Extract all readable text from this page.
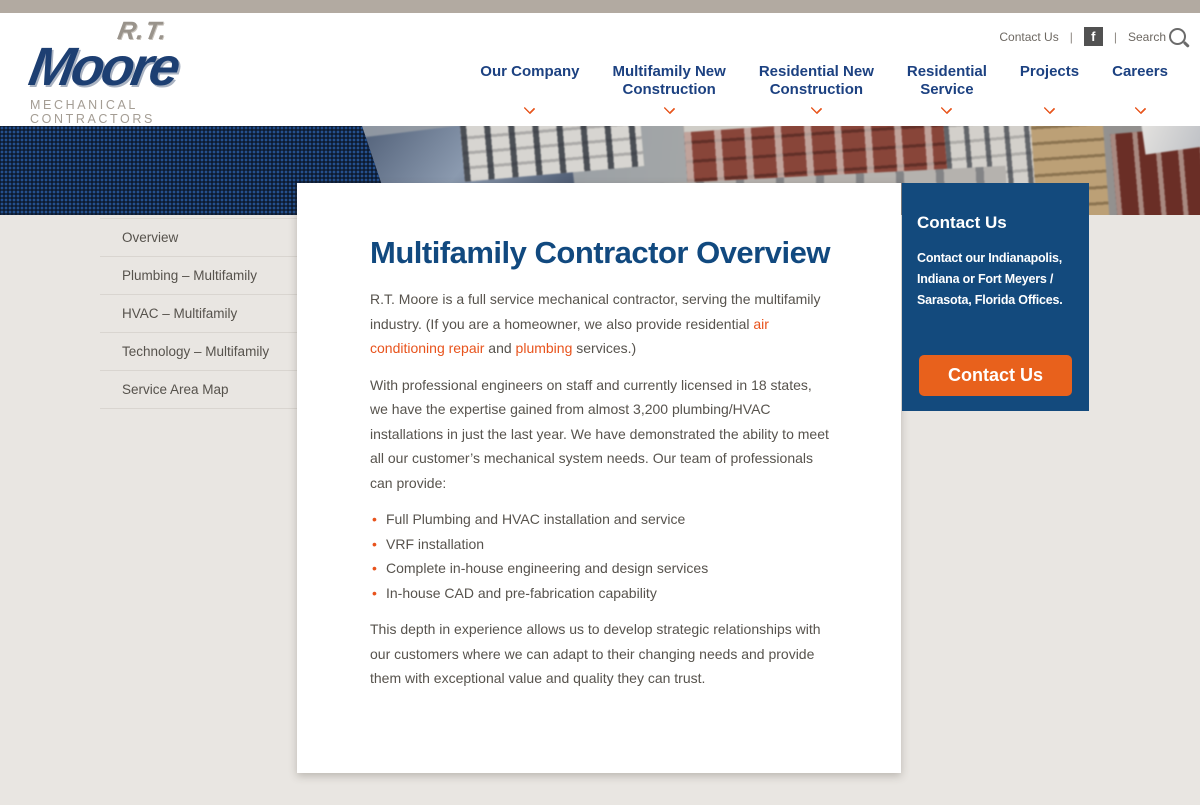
R.T.
Moore
MECHANICAL CONTRACTORS
Contact Us |	f	| Search
Our Company Multifamily New
Construction
Residential New
Construction
Residential
Service
Projects Careers
Overview
Plumbing – Multifamily
HVAC – Multifamily
Technology – Multifamily
Service Area Map
Multifamily Contractor Overview

R.T. Moore is a full service mechanical contractor, serving the multifamily industry. (If you are a homeowner, we also provide residential air conditioning repair and plumbing services.)

With professional engineers on staff and currently licensed in 18 states, we have the expertise gained from almost 3,200 plumbing/HVAC installations in just the last year. We have demonstrated the ability to meet all our customer’s mechanical system needs. Our team of professionals can provide:

• Full Plumbing and HVAC installation and service
• VRF installation
• Complete in-house engineering and design services
• In-house CAD and pre-fabrication capability

This depth in experience allows us to develop strategic relationships with our customers where we can adapt to their changing needs and provide them with exceptional value and quality they can trust.

Contact Us
Contact our Indianapolis,
Indiana or Fort Meyers /
Sarasota, Florida Offices.
Contact Us
